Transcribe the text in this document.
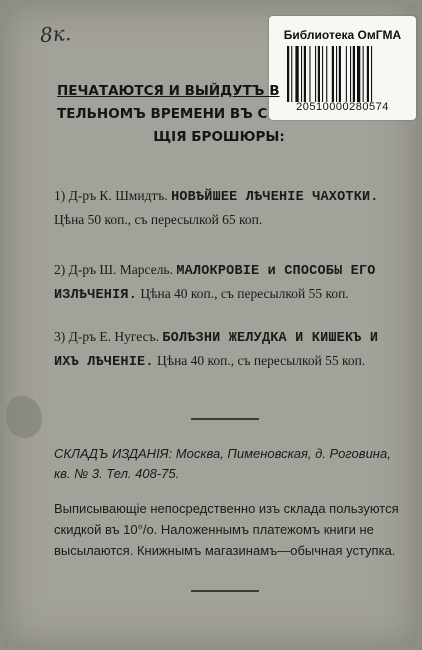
8к.	Библиотека ОмГМА
20510000280574
ПЕЧАТАЮТСЯ И ВЫЙДУТЪ В
ТЕЛЬНОМЪ ВРЕМЕНИ ВЪ С
ЩІЯ БРОШЮРЫ:
1) Д-ръ К. Шмидтъ. НОВѢЙШЕЕ ЛѢЧЕНІЕ ЧАХОТКИ. Цѣна 50 коп., съ пересылкой 65 коп.
2) Д-ръ Ш. Марсель. МАЛОКРОВІЕ и СПОСОБЫ ЕГО ИЗЛѢЧЕНІЯ. Цѣна 40 коп., съ пересылкой 55 коп.
3) Д-ръ Е. Нугесъ. БОЛѢЗНИ ЖЕЛУДКА И КИШЕКЪ И ИХЪ ЛѢЧЕНІЕ. Цѣна 40 коп., съ пересылкой 55 коп.
СКЛАДЪ ИЗДАНІЯ: Москва, Пименовская, д. Роговина, кв. № 3. Тел. 408-75.
Выписывающіе непосредственно изъ склада пользуются скидкой въ 10°/о. Наложеннымъ платежомъ книги не высылаются. Книжнымъ магазинамъ—обычная уступка.
